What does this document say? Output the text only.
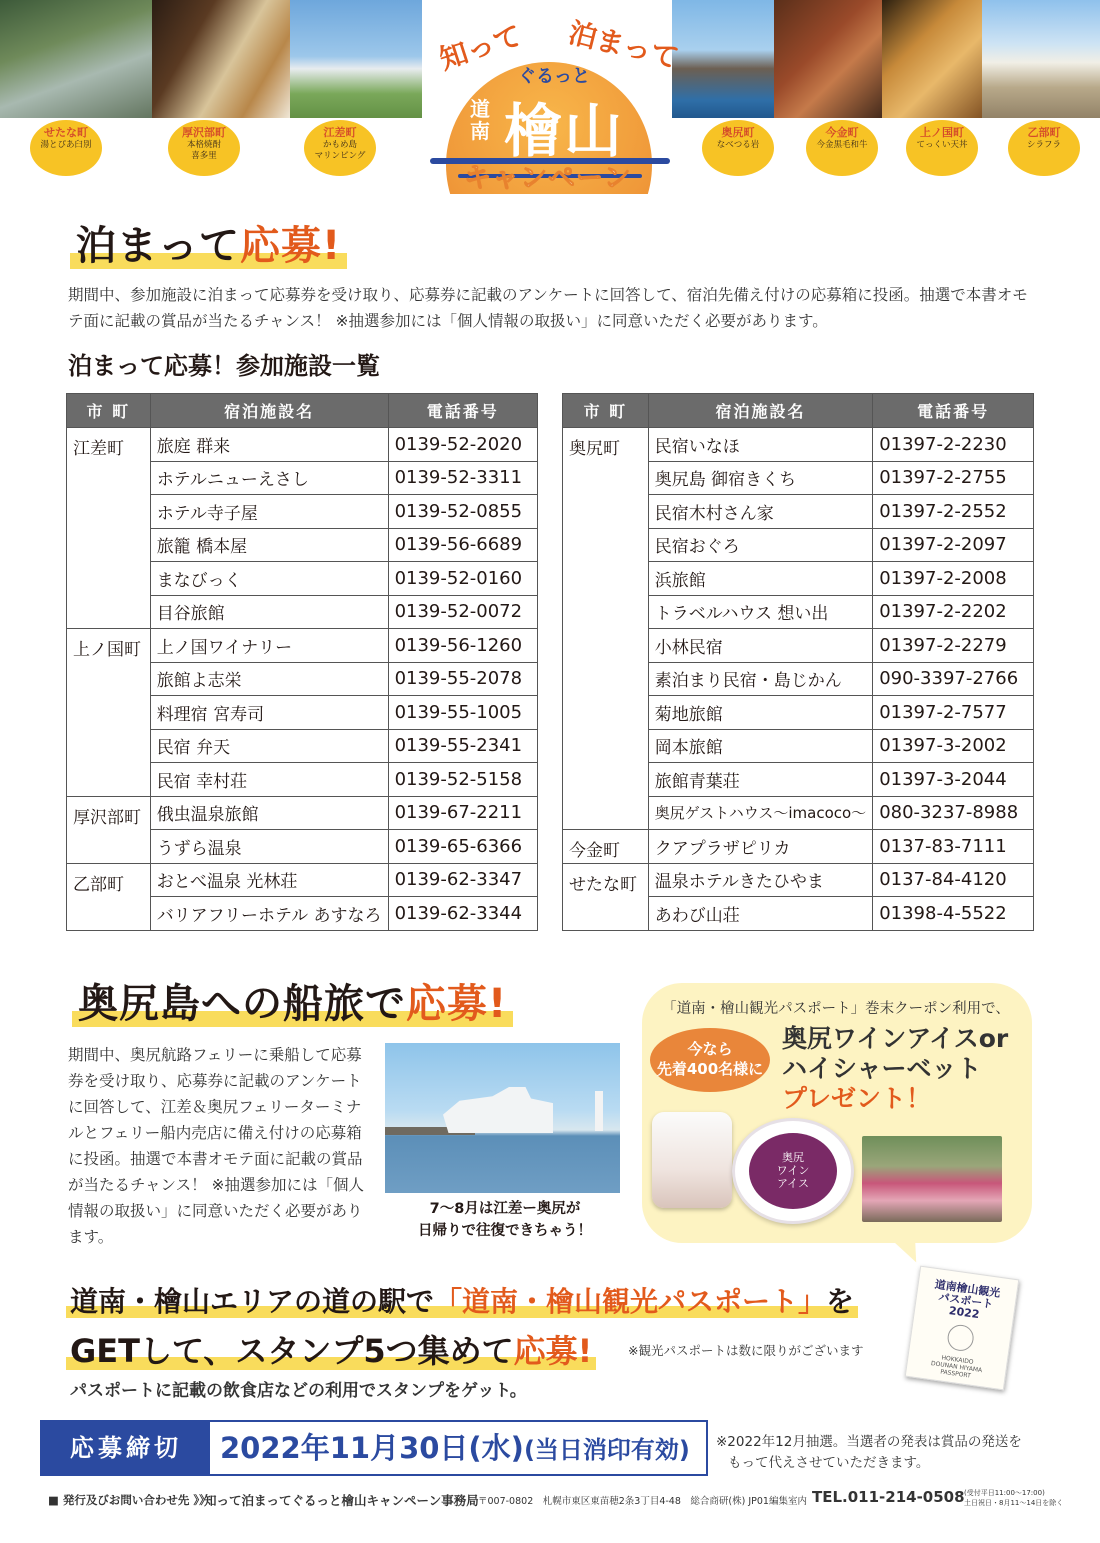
せたな町
湯とぴあ臼別
厚沢部町
本格焼酎
喜多里
江差町
かもめ島
マリンピング
奥尻町
なべつる岩
今金町
今金黒毛和牛
上ノ国町
てっくい天丼
乙部町
シラフラ
知って 泊まって
ぐるっと
道南 檜山
キャンペーン
泊まって応募!
期間中、参加施設に泊まって応募券を受け取り、応募券に記載のアンケートに回答して、宿泊先備え付けの応募箱に投函。抽選で本書オモテ面に記載の賞品が当たるチャンス！ ※抽選参加には「個人情報の取扱い」に同意いただく必要があります。
泊まって応募！参加施設一覧
市 町	宿泊施設名	電話番号
江差町	旅庭 群来	0139-52-2020
	ホテルニューえさし	0139-52-3311
	ホテル寺子屋	0139-52-0855
	旅籠 橋本屋	0139-56-6689
	まなびっく	0139-52-0160
	目谷旅館	0139-52-0072
上ノ国町	上ノ国ワイナリー	0139-56-1260
	旅館よ志栄	0139-55-2078
	料理宿 宮寿司	0139-55-1005
	民宿 弁天	0139-55-2341
	民宿 幸村荘	0139-52-5158
厚沢部町	俄虫温泉旅館	0139-67-2211
	うずら温泉	0139-65-6366
乙部町	おとべ温泉 光林荘	0139-62-3347
	バリアフリーホテル あすなろ	0139-62-3344
市 町	宿泊施設名	電話番号
奥尻町	民宿いなほ	01397-2-2230
	奥尻島 御宿きくち	01397-2-2755
	民宿木村さん家	01397-2-2552
	民宿おぐろ	01397-2-2097
	浜旅館	01397-2-2008
	トラベルハウス 想い出	01397-2-2202
	小林民宿	01397-2-2279
	素泊まり民宿・島じかん	090-3397-2766
	菊地旅館	01397-2-7577
	岡本旅館	01397-3-2002
	旅館青葉荘	01397-3-2044
	奥尻ゲストハウス〜imacoco〜	080-3237-8988
今金町	クアプラザピリカ	0137-83-7111
せたな町	温泉ホテルきたひやま	0137-84-4120
	あわび山荘	01398-4-5522
奥尻島への船旅で応募!
期間中、奥尻航路フェリーに乗船して応募券を受け取り、応募券に記載のアンケートに回答して、江差＆奥尻フェリーターミナルとフェリー船内売店に備え付けの応募箱に投函。抽選で本書オモテ面に記載の賞品が当たるチャンス！ ※抽選参加には「個人情報の取扱い」に同意いただく必要があります。
7〜8月は江差ー奥尻が
日帰りで往復できちゃう！
「道南・檜山観光パスポート」巻末クーポン利用で、
今なら
先着400名様に
奥尻ワインアイスor
ハイシャーベット
プレゼント！
奥尻
ワイン
アイス
道南・檜山エリアの道の駅で「道南・檜山観光パスポート」を
GETして、スタンプ5つ集めて応募!	※観光パスポートは数に限りがございます
パスポートに記載の飲食店などの利用でスタンプをゲット。
道南檜山観光
パスポート
2022
HOKKAIDO
DOUNAN HIYAMA
PASSPORT
応募締切	2022年11月30日(水)(当日消印有効) ※2022年12月抽選。当選者の発表は賞品の発送を
もって代えさせていただきます。
■ 発行及びお問い合わせ先 》》
知って泊まってぐるっと檜山キャンペーン事務局 〒007-0802　札幌市東区東苗穂2条3丁目4-48　総合商研(株) JP01編集室内 TEL.011-214-0508 (受付平日11:00〜17:00)
土日祝日・8月11〜14日を除く
